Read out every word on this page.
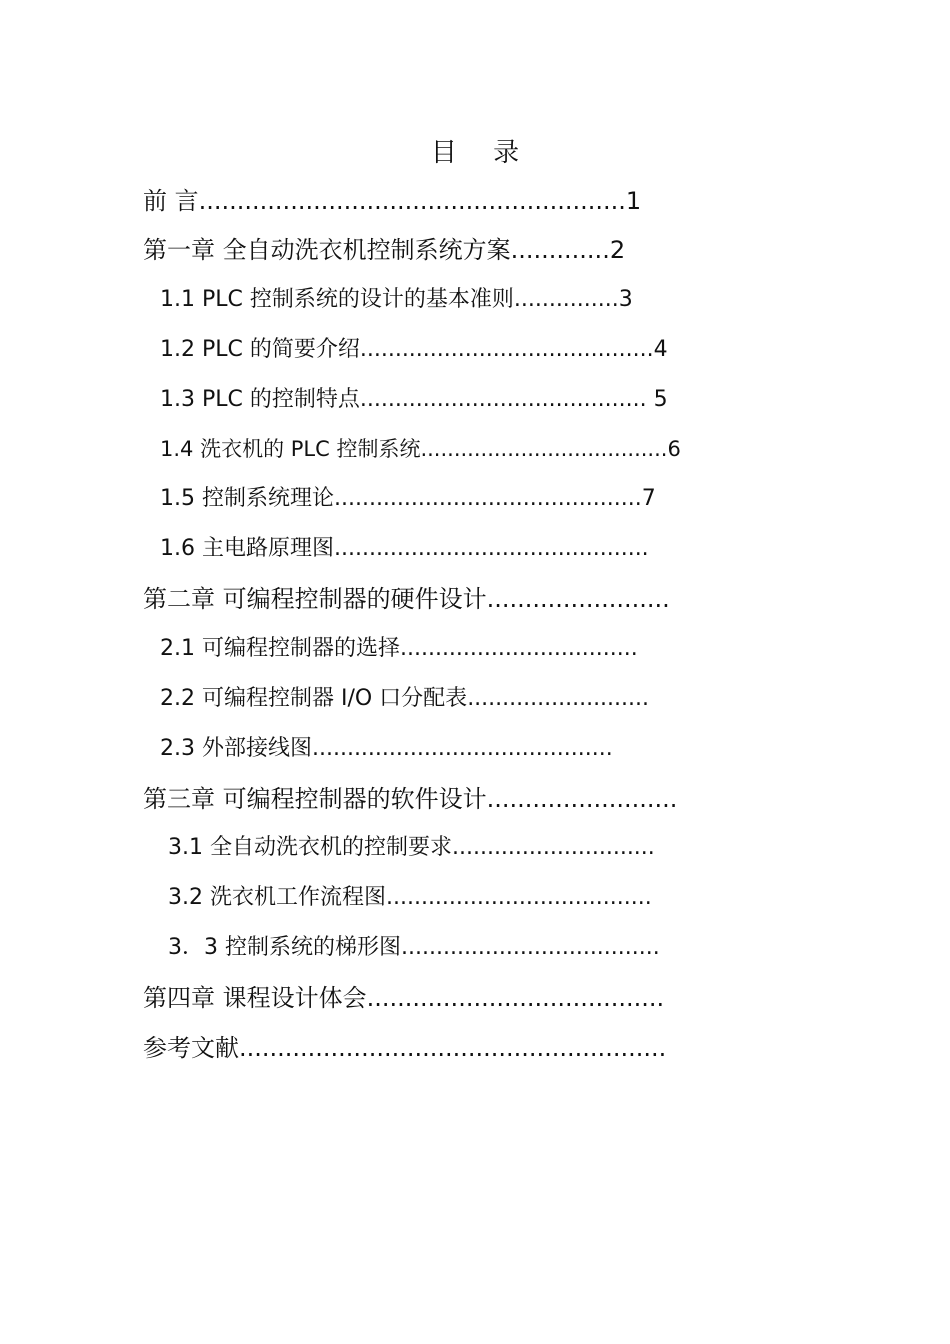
目 录
前 言........................................................1
第一章 全自动洗衣机控制系统方案.............2
1.1 PLC 控制系统的设计的基本准则...............3
1.2 PLC 的简要介绍..........................................4
1.3 PLC 的控制特点......................................... 5
1.4 洗衣机的 PLC 控制系统.....................................6
1.5 控制系统理论............................................7
1.6 主电路原理图.............................................
第二章 可编程控制器的硬件设计........................
2.1 可编程控制器的选择..................................
2.2 可编程控制器 I/O 口分配表..........................
2.3 外部接线图...........................................
第三章 可编程控制器的软件设计.........................
3.1 全自动洗衣机的控制要求.............................
3.2 洗衣机工作流程图......................................
3．3 控制系统的梯形图.....................................
第四章 课程设计体会.......................................
参考文献........................................................
